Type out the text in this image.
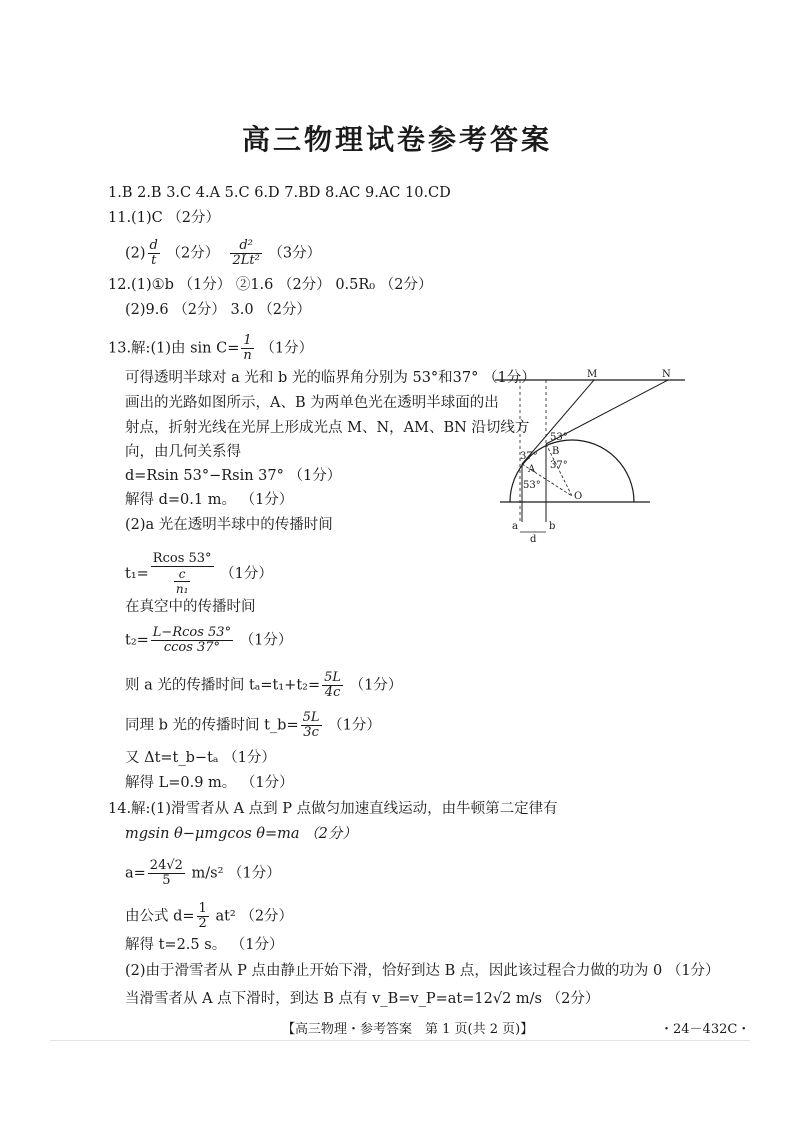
高三物理试卷参考答案
1.B 2.B 3.C 4.A 5.C 6.D 7.BD 8.AC 9.AC 10.CD
11.(1)C （2分）
$(2) \frac{d}{t} (2$分） $\frac{\text{d²}}{\text{2Lt²}} (3$分）
12.(1)①b （1分） ②1.6 （2分） 0.5R₀ （2分）
(2)9.6 （2分） 3.0 （2分）
13.解:(1)由 $\sin C= \frac{1}{n} (1$分）
可得透明半球对 a 光和 b 光的临界角分别为 53°和37° （1分）
画出的光路如图所示，A、B 为两单色光在透明半球面的出
射点，折射光线在光屏上形成光点 M、N，AM、BN 沿切线方
向，由几何关系得
d=Rsin 53°−Rsin 37° （1分）
解得 d=0.1 m。 （1分）
(2)a 光在透明半球中的传播时间
$t_1= \frac{Rcos 53^\circ}{\frac{c}{\text{n₁}}} (1$分）
在真空中的传播时间
$t_2= \frac{L-Rcos 53^\circ}{ccos 37^\circ} (1$分）
则 a 光的传播时间 $t_a=t_1+t_2= \frac{5L}{4c} (1$分）
同理 b 光的传播时间 t_b= $\frac{5L}{3c} (1$分）
又 Δt=t_b−tₐ （1分）
解得 L=0.9 m。 （1分）
M	N
A
B
O
a	b
d
53°
37°
37°
53°
14.解:(1)滑雪者从 A 点到 P 点做匀加速直线运动，由牛顿第二定律有
mgsin θ−μmgcos θ=ma （2分）
$a= \frac{24√2}{5} m/s^2$ （1分）
由公式 $d= \frac{1}{2} at^2$ （2分）
解得 t=2.5 s。 （1分）
(2)由于滑雪者从 P 点由静止开始下滑，恰好到达 B 点，因此该过程合力做的功为 0 （1分）
当滑雪者从 A 点下滑时，到达 B 点有 v_B=v_P=at=12√2 m/s （2分）
【高三物理・参考答案　第 1 页(共 2 页)】	・24－432C・
